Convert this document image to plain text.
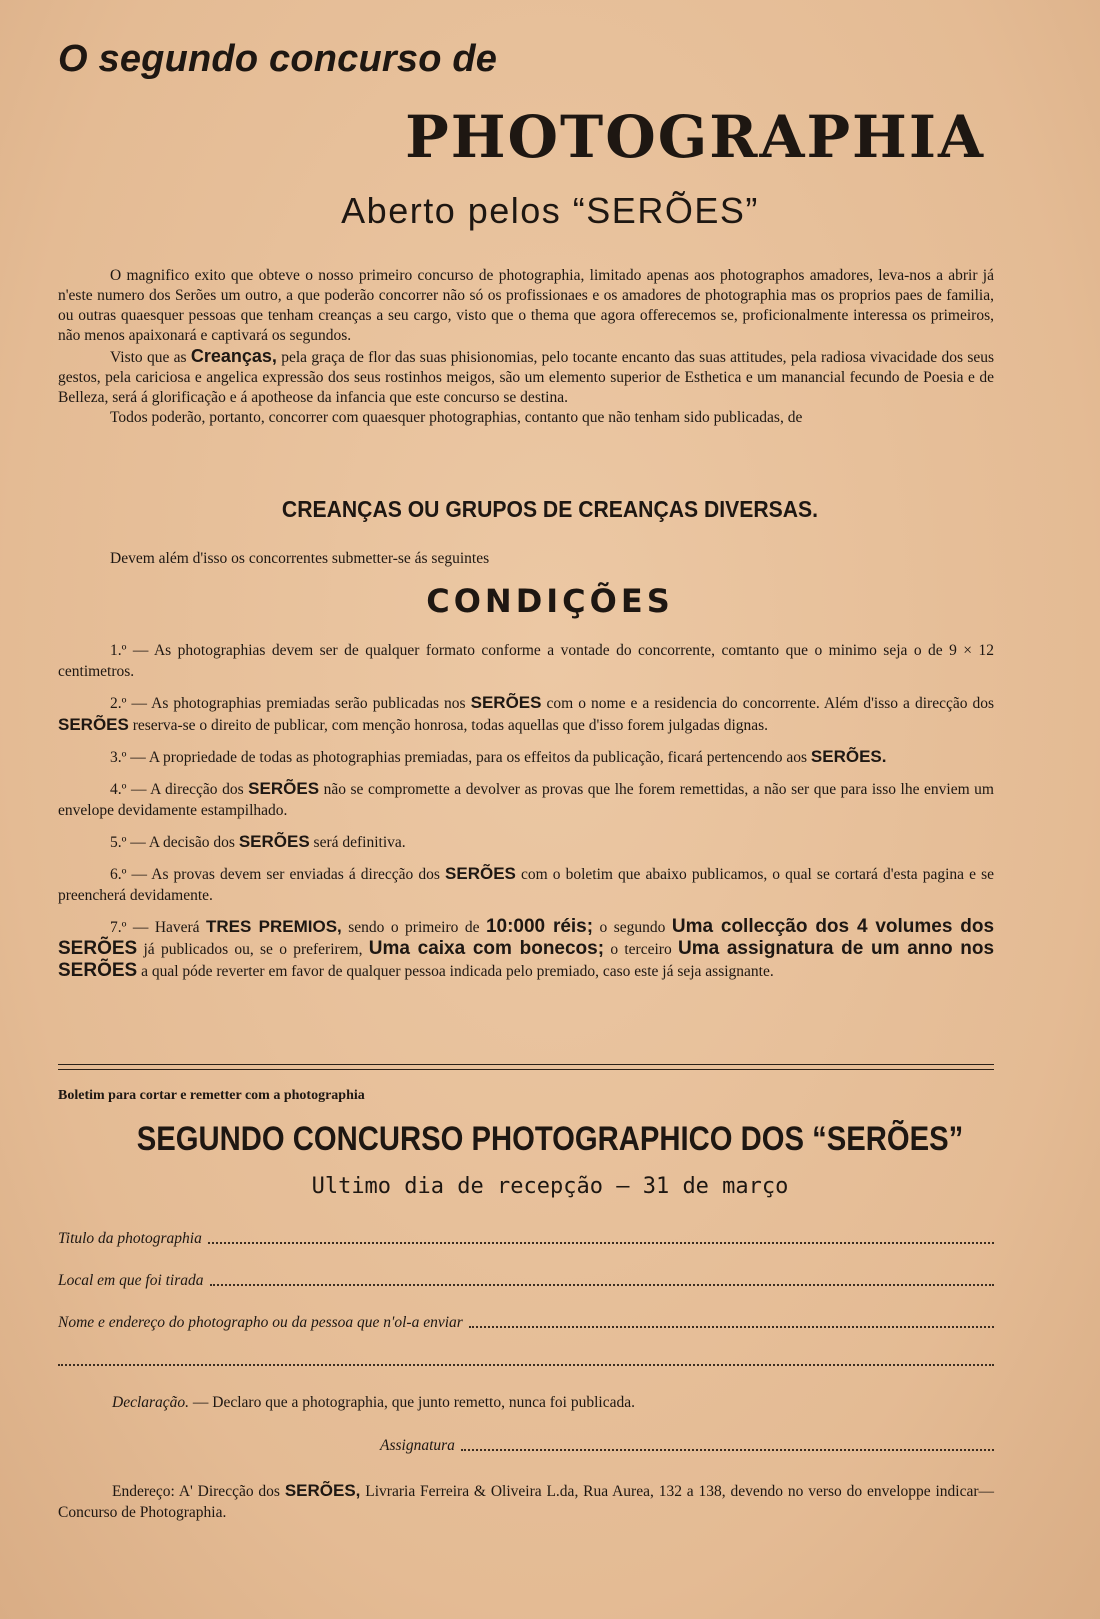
O segundo concurso de
PHOTOGRAPHIA
Aberto pelos “SERÕES”

O magnifico exito que obteve o nosso primeiro concurso de photographia, limitado apenas aos photographos amadores, leva-nos a abrir já n'este numero dos Serões um outro, a que poderão concorrer não só os profissionaes e os amadores de photographia mas os proprios paes de familia, ou outras quaesquer pessoas que tenham creanças a seu cargo, visto que o thema que agora offerecemos se, proficionalmente interessa os primeiros, não menos apaixonará e captivará os segundos.

Visto que as Creanças, pela graça de flor das suas phisionomias, pelo tocante encanto das suas attitudes, pela radiosa vivacidade dos seus gestos, pela cariciosa e angelica expressão dos seus rostinhos meigos, são um elemento superior de Esthetica e um manancial fecundo de Poesia e de Belleza, será á glorificação e á apotheose da infancia que este concurso se destina.

Todos poderão, portanto, concorrer com quaesquer photographias, contanto que não tenham sido publicadas, de

CREANÇAS OU GRUPOS DE CREANÇAS DIVERSAS.
Devem além d'isso os concorrentes submetter-se ás seguintes
CONDIÇÕES

1.º — As photographias devem ser de qualquer formato conforme a vontade do concorrente, comtanto que o minimo seja o de 9 × 12 centimetros.

2.º — As photographias premiadas serão publicadas nos SERÕES com o nome e a residencia do concorrente. Além d'isso a direcção dos SERÕES reserva-se o direito de publicar, com menção honrosa, todas aquellas que d'isso forem julgadas dignas.

3.º — A propriedade de todas as photographias premiadas, para os effeitos da publicação, ficará pertencendo aos SERÕES.

4.º — A direcção dos SERÕES não se compromette a devolver as provas que lhe forem remettidas, a não ser que para isso lhe enviem um envelope devidamente estampilhado.

5.º — A decisão dos SERÕES será definitiva.

6.º — As provas devem ser enviadas á direcção dos SERÕES com o boletim que abaixo publicamos, o qual se cortará d'esta pagina e se preencherá devidamente.

7.º — Haverá TRES PREMIOS, sendo o primeiro de 10:000 réis; o segundo Uma collecção dos 4 volumes dos SERÕES já publicados ou, se o preferirem, Uma caixa com bonecos; o terceiro Uma assignatura de um anno nos SERÕES a qual póde reverter em favor de qualquer pessoa indicada pelo premiado, caso este já seja assignante.

Boletim para cortar e remetter com a photographia
SEGUNDO CONCURSO PHOTOGRAPHICO DOS “SERÕES”
Ultimo dia de recepção — 31 de março
Titulo da photographia
Local em que foi tirada
Nome e endereço do photographo ou da pessoa que n'ol-a enviar
Declaração. — Declaro que a photographia, que junto remetto, nunca foi publicada.
Assignatura

Endereço: A' Direcção dos SERÕES, Livraria Ferreira & Oliveira L.da, Rua Aurea, 132 a 138, devendo no verso do enveloppe indicar— Concurso de Photographia.
